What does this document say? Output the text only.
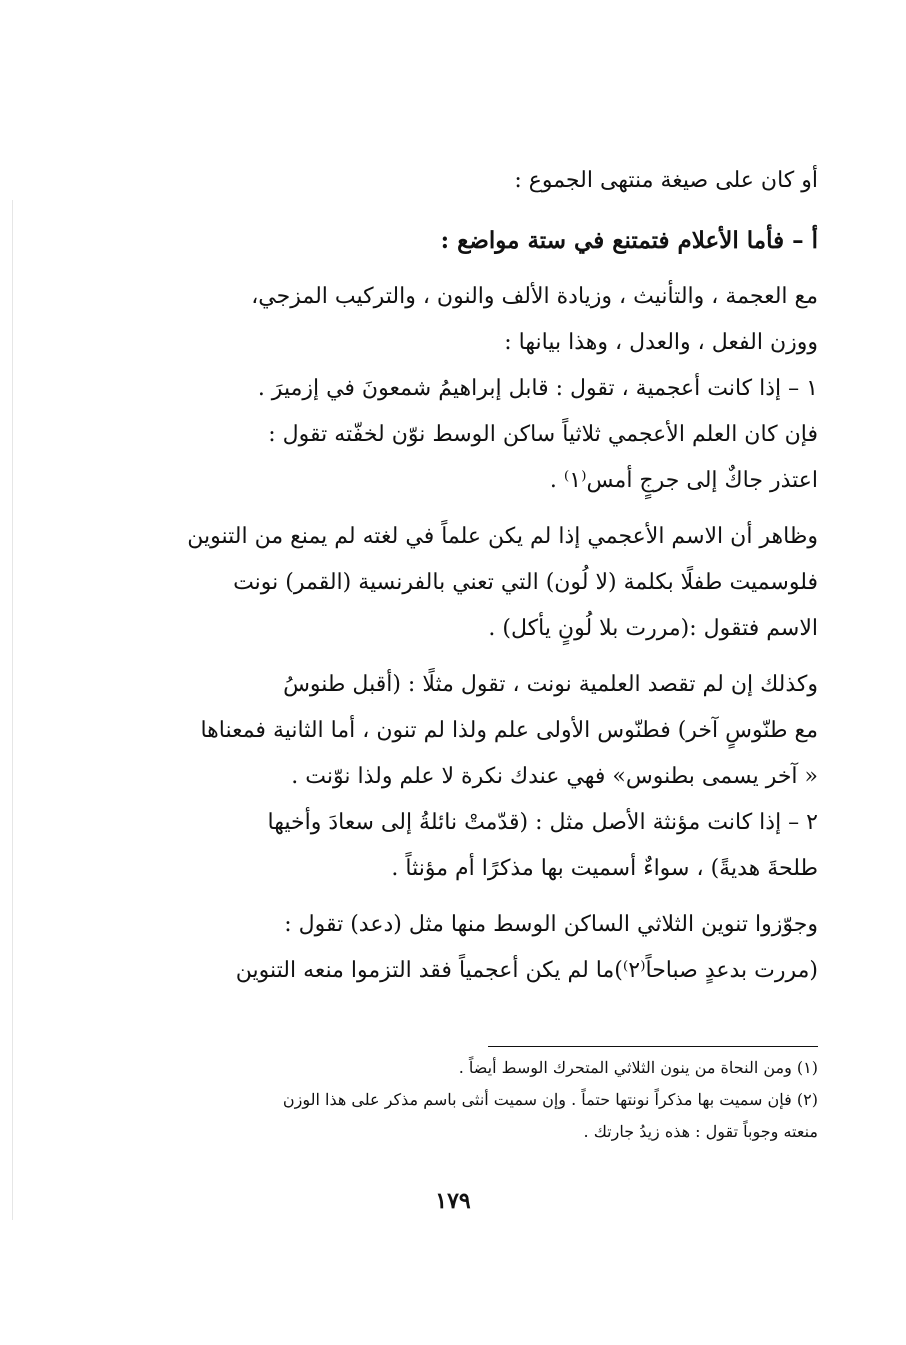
أو كان على صيغة منتهى الجموع :

أ – فأما الأعلام فتمتنع في ستة مواضع :

مع العجمة ، والتأنيث ، وزيادة الألف والنون ، والتركيب المزجي،

ووزن الفعل ، والعدل ، وهذا بيانها :

١ – إذا كانت أعجمية ، تقول : قابل إبراهيمُ شمعونَ في إزميرَ .

فإن كان العلم الأعجمي ثلاثياً ساكن الوسط نوّن لخفّته تقول :

اعتذر جاكٌ إلى جرجٍ أمس⁽١⁾ .

وظاهر أن الاسم الأعجمي إذا لم يكن علماً في لغته لم يمنع من التنوين

فلوسميت طفلًا بكلمة (لا لُون) التي تعني بالفرنسية (القمر) نونت

الاسم فتقول :(مررت بلا لُونٍ يأكل) .

وكذلك إن لم تقصد العلمية نونت ، تقول مثلًا : (أقبل طنوسُ

مع طنّوسٍ آخر) فطنّوس الأولى علم ولذا لم تنون ، أما الثانية فمعناها

« آخر يسمى بطنوس» فهي عندك نكرة لا علم ولذا نوّنت .

٢ – إذا كانت مؤنثة الأصل مثل : (قدّمتْ نائلةُ إلى سعادَ وأخيها

طلحةَ هديةً) ، سواءٌ أسميت بها مذكرًا أم مؤنثاً .

وجوّزوا تنوين الثلاثي الساكن الوسط منها مثل (دعد) تقول :

(مررت بدعدٍ صباحاً⁽٢⁾)ما لم يكن أعجمياً فقد التزموا منعه التنوين

(١) ومن النحاة من ينون الثلاثي المتحرك الوسط أيضاً .

(٢) فإن سميت بها مذكراً نونتها حتماً . وإن سميت أنثى باسم مذكر على هذا الوزن

منعته وجوباً تقول : هذه زيدُ جارتك .

١٧٩
